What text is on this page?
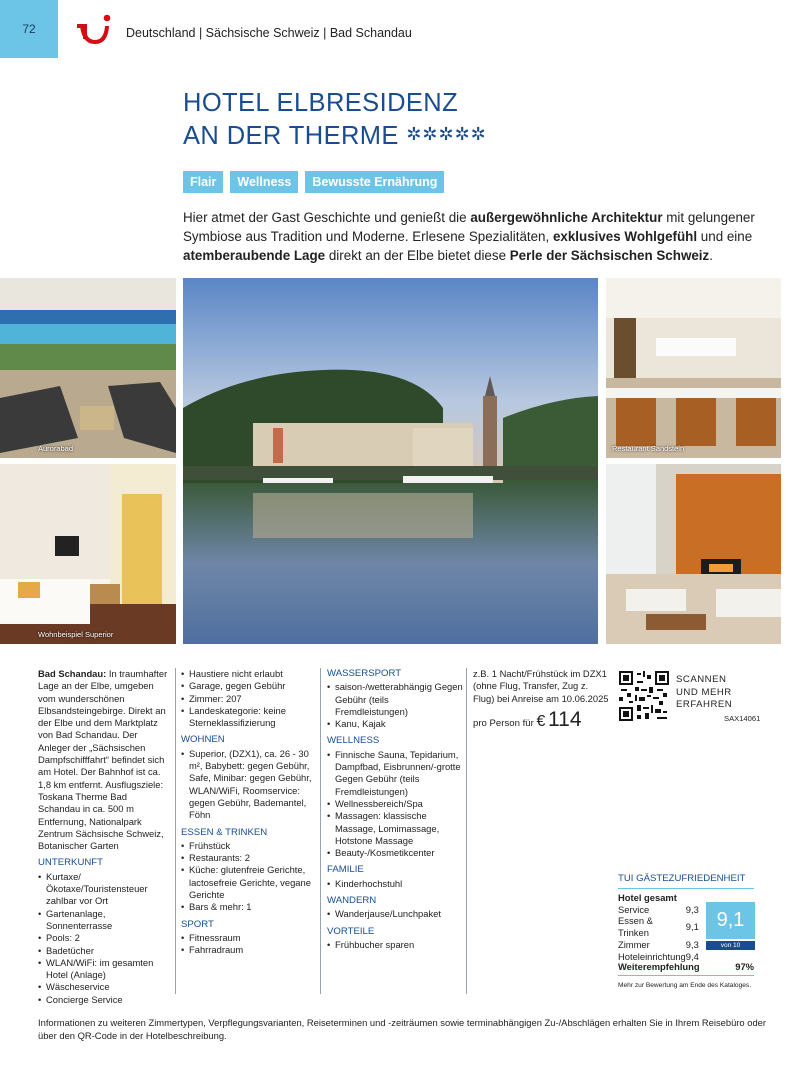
72	Deutschland | Sächsische Schweiz | Bad Schandau
HOTEL ELBRESIDENZ
AN DER THERME ✲✲✲✲✲
Flair	Wellness	Bewusste Ernährung
Hier atmet der Gast Geschichte und genießt die außergewöhnliche Architektur mit gelungener Symbiose aus Tradition und Moderne. Erlesene Spezialitäten, exklusives Wohlgefühl und eine atemberaubende Lage direkt an der Elbe bietet diese Perle der Sächsischen Schweiz.
Aurorabad
Wohnbeispiel Superior
Restaurant Sandstein
Bad Schandau: In traumhafter Lage an der Elbe, umgeben vom wunderschönen Elbsandsteingebirge. Direkt an der Elbe und dem Marktplatz von Bad Schandau. Der Anleger der „Sächsischen Dampfschifffahrt“ befindet sich am Hotel. Der Bahnhof ist ca. 1,8 km entfernt. Ausflugsziele: Toskana Therme Bad Schandau in ca. 500 m Entfernung, Nationalpark Zentrum Sächsische Schweiz, Botanischer Garten
UNTERKUNFT
• Kurtaxe/Ökotaxe/Touristensteuer zahlbar vor Ort
• Gartenanlage, Sonnenterrasse
• Pools: 2
• Badetücher
• WLAN/WiFi: im gesamten Hotel (Anlage)
• Wäscheservice
• Concierge Service
• Haustiere nicht erlaubt
• Garage, gegen Gebühr
• Zimmer: 207
• Landeskategorie: keine Sterneklassifizierung
WOHNEN
• Superior, (DZX1), ca. 26 - 30 m², Babybett: gegen Gebühr, Safe, Minibar: gegen Gebühr, WLAN/WiFi, Roomservice: gegen Gebühr, Bademantel, Föhn
ESSEN & TRINKEN
• Frühstück
• Restaurants: 2
• Küche: glutenfreie Gerichte, lactosefreie Gerichte, vegane Gerichte
• Bars & mehr: 1
SPORT
• Fitnessraum
• Fahrradraum
WASSERSPORT
• saison-/wetterabhängig Gegen Gebühr (teils Fremdleistungen)
• Kanu, Kajak
WELLNESS
• Finnische Sauna, Tepidarium, Dampfbad, Eisbrunnen/-grotte Gegen Gebühr (teils Fremdleistungen)
• Wellnessbereich/Spa
• Massagen: klassische Massage, Lomimassage, Hotstone Massage
• Beauty-/Kosmetikcenter
FAMILIE
• Kinderhochstuhl
WANDERN
• Wanderjause/Lunchpaket
VORTEILE
• Frühbucher sparen
z.B. 1 Nacht/Frühstück im DZX1 (ohne Flug, Transfer, Zug z. Flug) bei Anreise am 10.06.2025
pro Person für € 114
SCANNEN
UND MEHR
ERFAHREN
SAX14061
TUI GÄSTEZUFRIEDENHEIT
Hotel gesamt	
Service	9,3
Essen & Trinken	9,1
Zimmer	9,3
Hoteleinrichtung	9,4
9,1
von 10
Weiterempfehlung	97%
Mehr zur Bewertung am Ende des Kataloges.
Informationen zu weiteren Zimmertypen, Verpflegungsvarianten, Reiseterminen und -zeiträumen sowie terminabhängigen Zu-/Abschlägen erhalten Sie in Ihrem Reisebüro oder über den QR-Code in der Hotelbeschreibung.
